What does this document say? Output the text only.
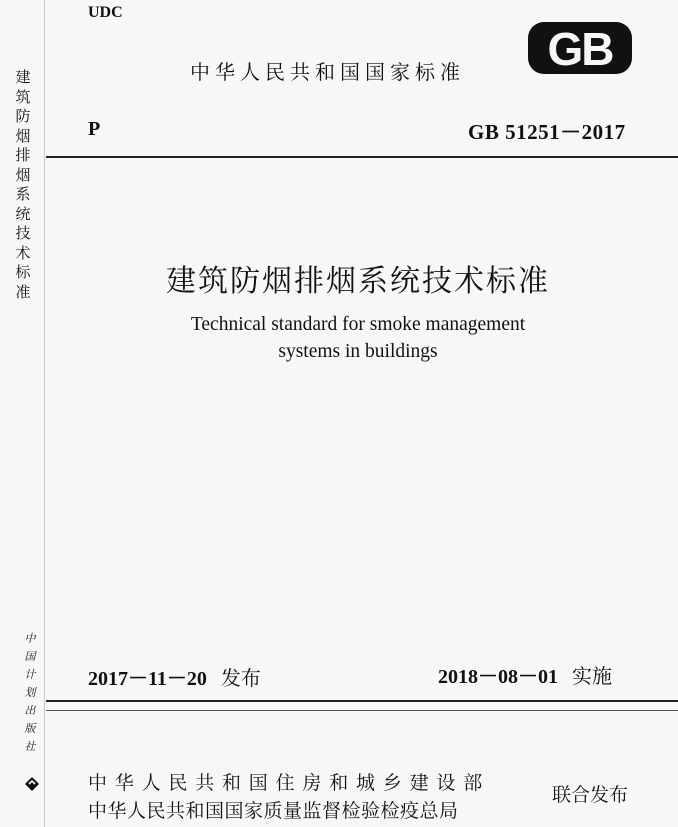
UDC
中华人民共和国国家标准 GB
P	GB 51251－2017
建
筑
防
烟
排
烟
系
统
技
术
标
准	建筑防烟排烟系统技术标准
Technical standard for smoke management
systems in buildings
中
国
计
划
出
版
社
2017－11－20 发布	2018－08－01 实施
中华人民共和国住房和城乡建设部
中华人民共和国国家质量监督检验检疫总局
联合发布
